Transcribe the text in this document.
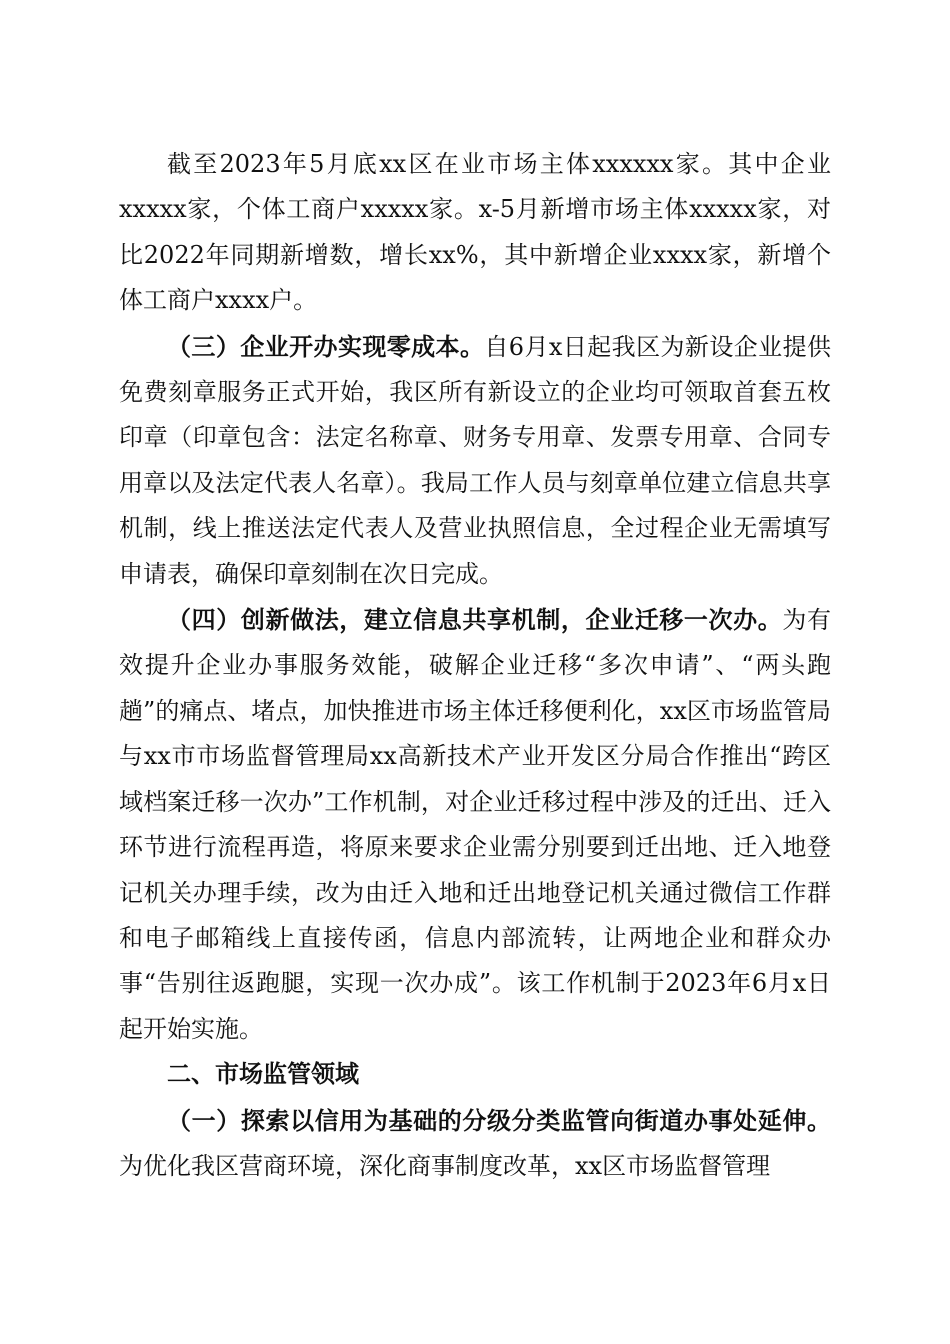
截至2023年5月底xx区在业市场主体xxxxxx家。其中企业xxxxx家，个体工商户xxxxx家。x-5月新增市场主体xxxxx家，对比2022年同期新增数，增长xx%，其中新增企业xxxx家，新增个体工商户xxxx户。

（三）企业开办实现零成本。自6月x日起我区为新设企业提供免费刻章服务正式开始，我区所有新设立的企业均可领取首套五枚印章（印章包含：法定名称章、财务专用章、发票专用章、合同专用章以及法定代表人名章）。我局工作人员与刻章单位建立信息共享机制，线上推送法定代表人及营业执照信息，全过程企业无需填写申请表，确保印章刻制在次日完成。

（四）创新做法，建立信息共享机制，企业迁移一次办。为有效提升企业办事服务效能，破解企业迁移“多次申请”、“两头跑趟”的痛点、堵点，加快推进市场主体迁移便利化，xx区市场监管局与xx市市场监督管理局xx高新技术产业开发区分局合作推出“跨区域档案迁移一次办”工作机制，对企业迁移过程中涉及的迁出、迁入环节进行流程再造，将原来要求企业需分别要到迁出地、迁入地登记机关办理手续，改为由迁入地和迁出地登记机关通过微信工作群和电子邮箱线上直接传函，信息内部流转，让两地企业和群众办事“告别往返跑腿，实现一次办成”。该工作机制于2023年6月x日起开始实施。

二、市场监管领域

（一）探索以信用为基础的分级分类监管向街道办事处延伸。为优化我区营商环境，深化商事制度改革，xx区市场监督管理
